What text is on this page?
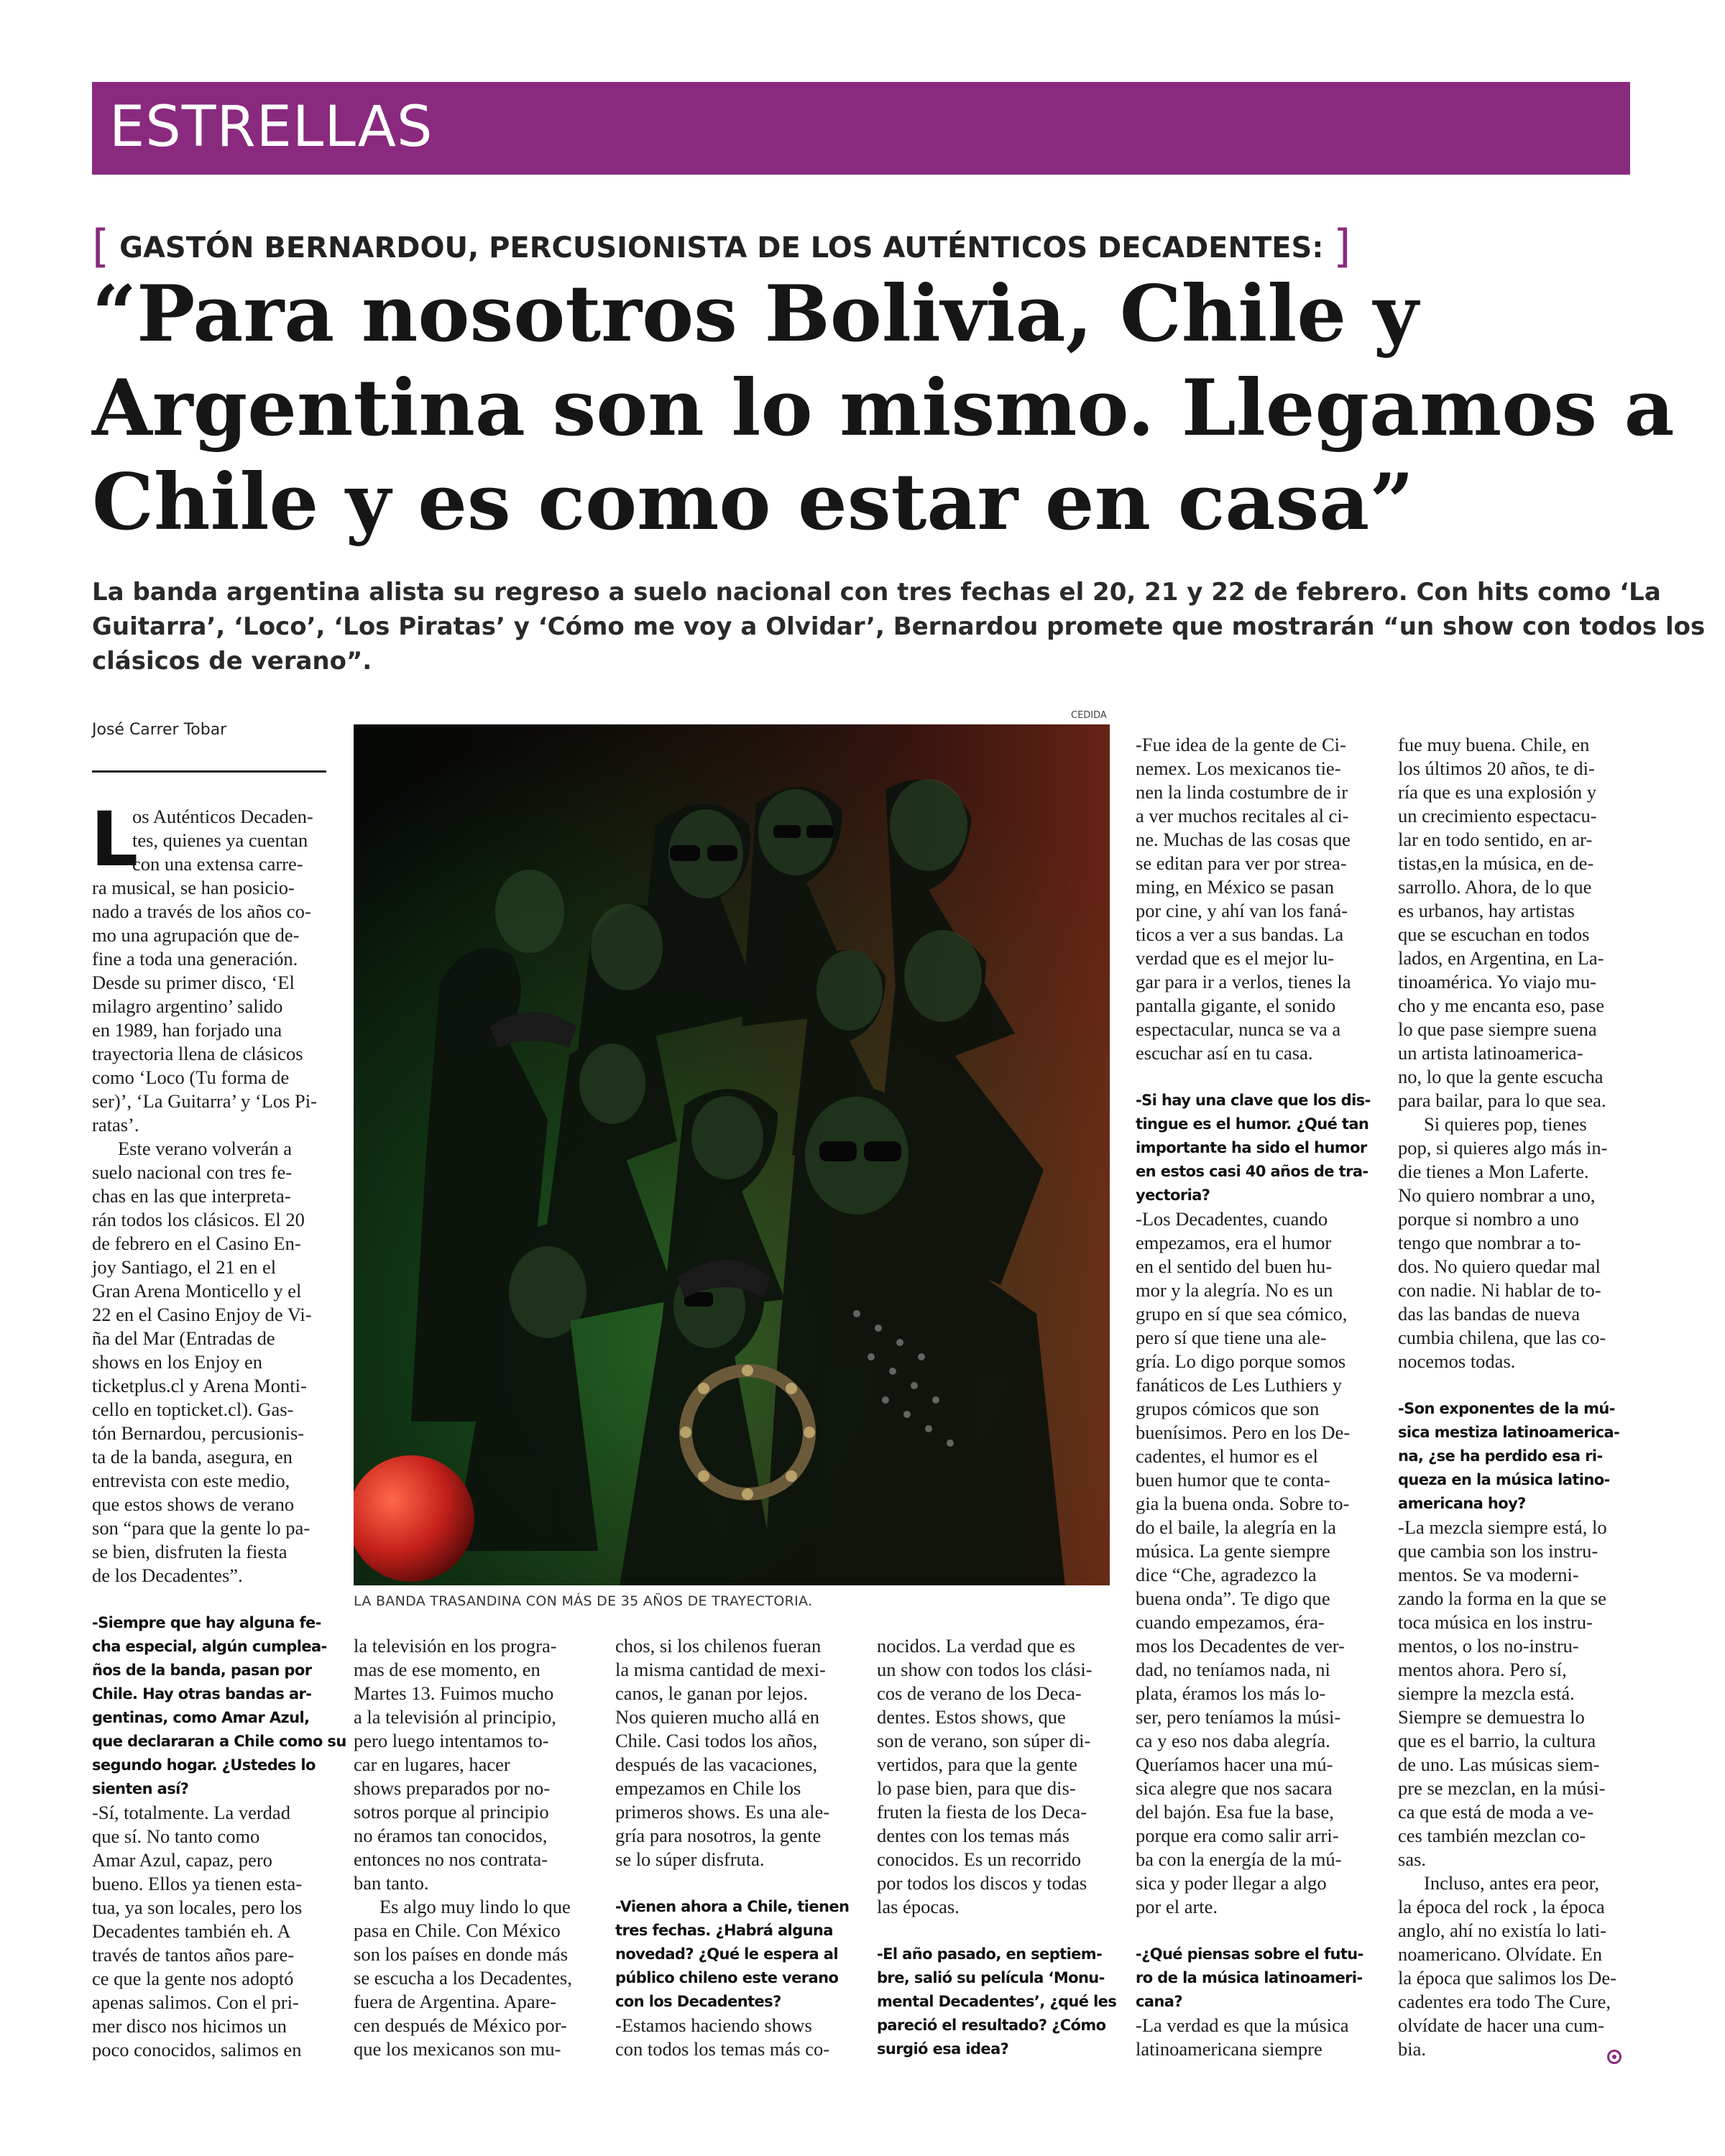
ESTRELLAS
[ GASTÓN BERNARDOU, PERCUSIONISTA DE LOS AUTÉNTICOS DECADENTES: ]
“Para nosotros Bolivia, Chile y
Argentina son lo mismo. Llegamos a
Chile y es como estar en casa”
La banda argentina alista su regreso a suelo nacional con tres fechas el 20, 21 y 22 de febrero. Con hits como ‘La
Guitarra’, ‘Loco’, ‘Los Piratas’ y ‘Cómo me voy a Olvidar’, Bernardou promete que mostrarán “un show con todos los
clásicos de verano”.
José Carrer Tobar
CEDIDA
LA BANDA TRASANDINA CON MÁS DE 35 AÑOS DE TRAYECTORIA.
L
os Auténticos Decaden-
tes, quienes ya cuentan
con una extensa carre-
ra musical, se han posicio-
nado a través de los años co-
mo una agrupación que de-
fine a toda una generación.
Desde su primer disco, ‘El
milagro argentino’ salido
en 1989, han forjado una
trayectoria llena de clásicos
como ‘Loco (Tu forma de
ser)’, ‘La Guitarra’ y ‘Los Pi-
ratas’.
Este verano volverán a
suelo nacional con tres fe-
chas en las que interpreta-
rán todos los clásicos. El 20
de febrero en el Casino En-
joy Santiago, el 21 en el
Gran Arena Monticello y el
22 en el Casino Enjoy de Vi-
ña del Mar (Entradas de
shows en los Enjoy en
ticketplus.cl y Arena Monti-
cello en topticket.cl). Gas-
tón Bernardou, percusionis-
ta de la banda, asegura, en
entrevista con este medio,
que estos shows de verano
son “para que la gente lo pa-
se bien, disfruten la fiesta
de los Decadentes”.
-Siempre que hay alguna fe-
cha especial, algún cumplea-
ños de la banda, pasan por
Chile. Hay otras bandas ar-
gentinas, como Amar Azul,
que declararan a Chile como su
segundo hogar. ¿Ustedes lo
sienten así?
-Sí, totalmente. La verdad
que sí. No tanto como
Amar Azul, capaz, pero
bueno. Ellos ya tienen esta-
tua, ya son locales, pero los
Decadentes también eh. A
través de tantos años pare-
ce que la gente nos adoptó
apenas salimos. Con el pri-
mer disco nos hicimos un
poco conocidos, salimos en
la televisión en los progra-
mas de ese momento, en
Martes 13. Fuimos mucho
a la televisión al principio,
pero luego intentamos to-
car en lugares, hacer
shows preparados por no-
sotros porque al principio
no éramos tan conocidos,
entonces no nos contrata-
ban tanto.
Es algo muy lindo lo que
pasa en Chile. Con México
son los países en donde más
se escucha a los Decadentes,
fuera de Argentina. Apare-
cen después de México por-
que los mexicanos son mu-
chos, si los chilenos fueran
la misma cantidad de mexi-
canos, le ganan por lejos.
Nos quieren mucho allá en
Chile. Casi todos los años,
después de las vacaciones,
empezamos en Chile los
primeros shows. Es una ale-
gría para nosotros, la gente
se lo súper disfruta.
-Vienen ahora a Chile, tienen
tres fechas. ¿Habrá alguna
novedad? ¿Qué le espera al
público chileno este verano
con los Decadentes?
-Estamos haciendo shows
con todos los temas más co-
nocidos. La verdad que es
un show con todos los clási-
cos de verano de los Deca-
dentes. Estos shows, que
son de verano, son súper di-
vertidos, para que la gente
lo pase bien, para que dis-
fruten la fiesta de los Deca-
dentes con los temas más
conocidos. Es un recorrido
por todos los discos y todas
las épocas.
-El año pasado, en septiem-
bre, salió su película ‘Monu-
mental Decadentes’, ¿qué les
pareció el resultado? ¿Cómo
surgió esa idea?
-Fue idea de la gente de Ci-
nemex. Los mexicanos tie-
nen la linda costumbre de ir
a ver muchos recitales al ci-
ne. Muchas de las cosas que
se editan para ver por strea-
ming, en México se pasan
por cine, y ahí van los faná-
ticos a ver a sus bandas. La
verdad que es el mejor lu-
gar para ir a verlos, tienes la
pantalla gigante, el sonido
espectacular, nunca se va a
escuchar así en tu casa.
-Si hay una clave que los dis-
tingue es el humor. ¿Qué tan
importante ha sido el humor
en estos casi 40 años de tra-
yectoria?
-Los Decadentes, cuando
empezamos, era el humor
en el sentido del buen hu-
mor y la alegría. No es un
grupo en sí que sea cómico,
pero sí que tiene una ale-
gría. Lo digo porque somos
fanáticos de Les Luthiers y
grupos cómicos que son
buenísimos. Pero en los De-
cadentes, el humor es el
buen humor que te conta-
gia la buena onda. Sobre to-
do el baile, la alegría en la
música. La gente siempre
dice “Che, agradezco la
buena onda”. Te digo que
cuando empezamos, éra-
mos los Decadentes de ver-
dad, no teníamos nada, ni
plata, éramos los más lo-
ser, pero teníamos la músi-
ca y eso nos daba alegría.
Queríamos hacer una mú-
sica alegre que nos sacara
del bajón. Esa fue la base,
porque era como salir arri-
ba con la energía de la mú-
sica y poder llegar a algo
por el arte.
-¿Qué piensas sobre el futu-
ro de la música latinoameri-
cana?
-La verdad es que la música
latinoamericana siempre
fue muy buena. Chile, en
los últimos 20 años, te di-
ría que es una explosión y
un crecimiento espectacu-
lar en todo sentido, en ar-
tistas,en la música, en de-
sarrollo. Ahora, de lo que
es urbanos, hay artistas
que se escuchan en todos
lados, en Argentina, en La-
tinoamérica. Yo viajo mu-
cho y me encanta eso, pase
lo que pase siempre suena
un artista latinoamerica-
no, lo que la gente escucha
para bailar, para lo que sea.
Si quieres pop, tienes
pop, si quieres algo más in-
die tienes a Mon Laferte.
No quiero nombrar a uno,
porque si nombro a uno
tengo que nombrar a to-
dos. No quiero quedar mal
con nadie. Ni hablar de to-
das las bandas de nueva
cumbia chilena, que las co-
nocemos todas.
-Son exponentes de la mú-
sica mestiza latinoamerica-
na, ¿se ha perdido esa ri-
queza en la música latino-
americana hoy?
-La mezcla siempre está, lo
que cambia son los instru-
mentos. Se va moderni-
zando la forma en la que se
toca música en los instru-
mentos, o los no-instru-
mentos ahora. Pero sí,
siempre la mezcla está.
Siempre se demuestra lo
que es el barrio, la cultura
de uno. Las músicas siem-
pre se mezclan, en la músi-
ca que está de moda a ve-
ces también mezclan co-
sas.
Incluso, antes era peor,
la época del rock , la época
anglo, ahí no existía lo lati-
noamericano. Olvídate. En
la época que salimos los De-
cadentes era todo The Cure,
olvídate de hacer una cum-
bia.
